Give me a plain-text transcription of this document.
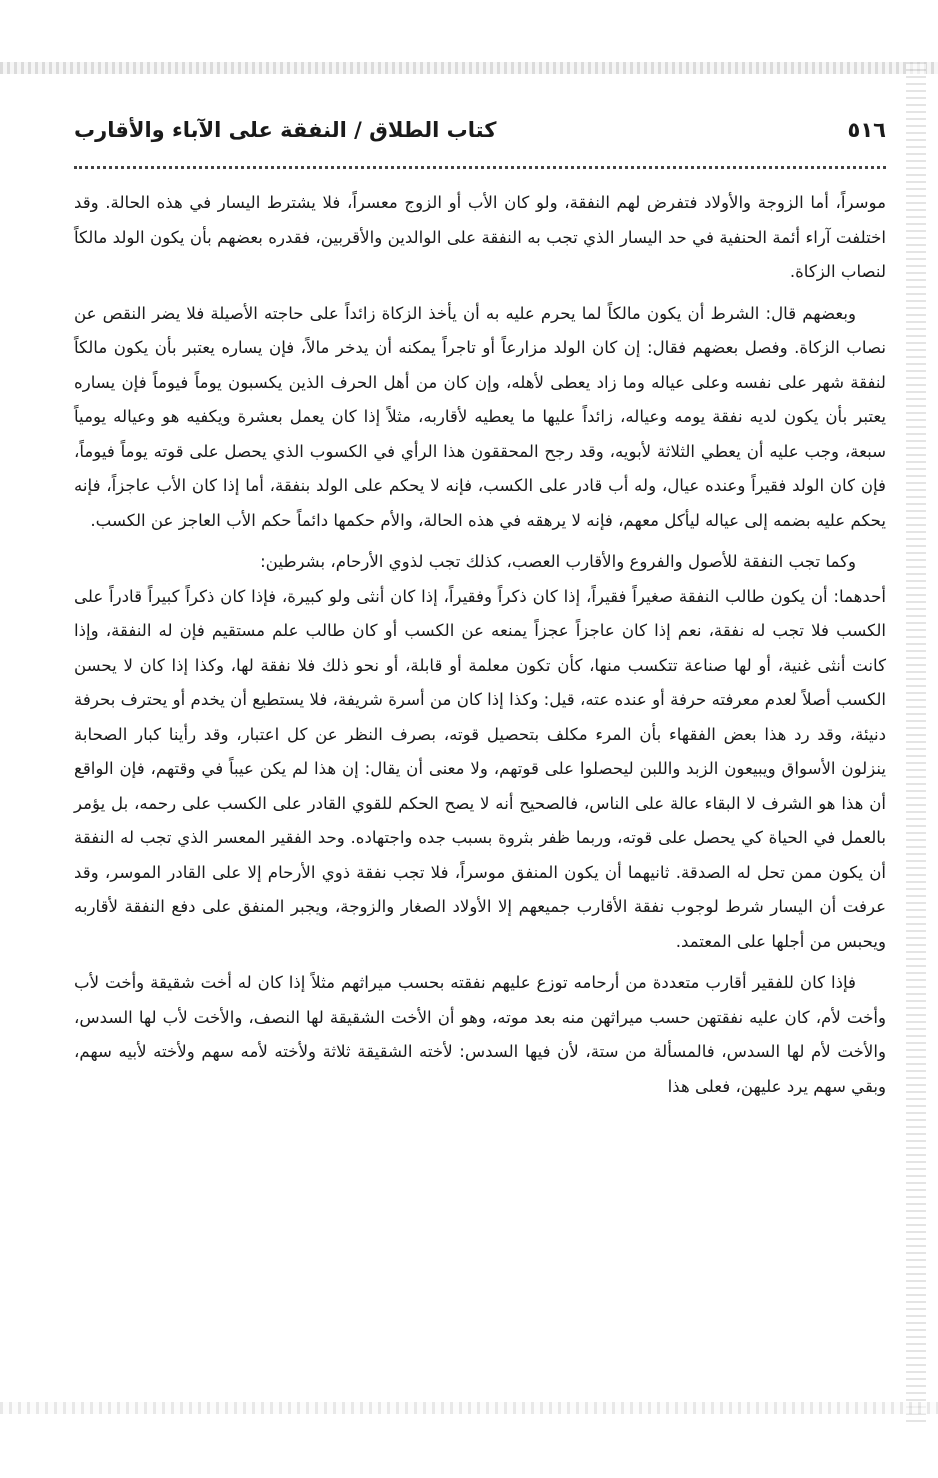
٥١٦
كتاب الطلاق / النفقة على الآباء والأقارب

موسراً، أما الزوجة والأولاد فتفرض لهم النفقة، ولو كان الأب أو الزوج معسراً، فلا يشترط اليسار في هذه الحالة. وقد اختلفت آراء أئمة الحنفية في حد اليسار الذي تجب به النفقة على الوالدين والأقربين، فقدره بعضهم بأن يكون الولد مالكاً لنصاب الزكاة.

وبعضهم قال: الشرط أن يكون مالكاً لما يحرم عليه به أن يأخذ الزكاة زائداً على حاجته الأصيلة فلا يضر النقص عن نصاب الزكاة. وفصل بعضهم فقال: إن كان الولد مزارعاً أو تاجراً يمكنه أن يدخر مالاً، فإن يساره يعتبر بأن يكون مالكاً لنفقة شهر على نفسه وعلى عياله وما زاد يعطى لأهله، وإن كان من أهل الحرف الذين يكسبون يوماً فيوماً فإن يساره يعتبر بأن يكون لديه نفقة يومه وعياله، زائداً عليها ما يعطيه لأقاربه، مثلاً إذا كان يعمل بعشرة ويكفيه هو وعياله يومياً سبعة، وجب عليه أن يعطي الثلاثة لأبويه، وقد رجح المحققون هذا الرأي في الكسوب الذي يحصل على قوته يوماً فيوماً، فإن كان الولد فقيراً وعنده عيال، وله أب قادر على الكسب، فإنه لا يحكم على الولد بنفقة، أما إذا كان الأب عاجزاً، فإنه يحكم عليه بضمه إلى عياله ليأكل معهم، فإنه لا يرهقه في هذه الحالة، والأم حكمها دائماً حكم الأب العاجز عن الكسب.

وكما تجب النفقة للأصول والفروع والأقارب العصب، كذلك تجب لذوي الأرحام، بشرطين:

أحدهما: أن يكون طالب النفقة صغيراً فقيراً، إذا كان ذكراً وفقيراً، إذا كان أنثى ولو كبيرة، فإذا كان ذكراً كبيراً قادراً على الكسب فلا تجب له نفقة، نعم إذا كان عاجزاً عجزاً يمنعه عن الكسب أو كان طالب علم مستقيم فإن له النفقة، وإذا كانت أنثى غنية، أو لها صناعة تتكسب منها، كأن تكون معلمة أو قابلة، أو نحو ذلك فلا نفقة لها، وكذا إذا كان لا يحسن الكسب أصلاً لعدم معرفته حرفة أو عنده عته، قيل: وكذا إذا كان من أسرة شريفة، فلا يستطيع أن يخدم أو يحترف بحرفة دنيئة، وقد رد هذا بعض الفقهاء بأن المرء مكلف بتحصيل قوته، بصرف النظر عن كل اعتبار، وقد رأينا كبار الصحابة ينزلون الأسواق ويبيعون الزبد واللبن ليحصلوا على قوتهم، ولا معنى أن يقال: إن هذا لم يكن عيباً في وقتهم، فإن الواقع أن هذا هو الشرف لا البقاء عالة على الناس، فالصحيح أنه لا يصح الحكم للقوي القادر على الكسب على رحمه، بل يؤمر بالعمل في الحياة كي يحصل على قوته، وربما ظفر بثروة بسبب جده واجتهاده. وحد الفقير المعسر الذي تجب له النفقة أن يكون ممن تحل له الصدقة. ثانيهما أن يكون المنفق موسراً، فلا تجب نفقة ذوي الأرحام إلا على القادر الموسر، وقد عرفت أن اليسار شرط لوجوب نفقة الأقارب جميعهم إلا الأولاد الصغار والزوجة، ويجبر المنفق على دفع النفقة لأقاربه ويحبس من أجلها على المعتمد.

فإذا كان للفقير أقارب متعددة من أرحامه توزع عليهم نفقته بحسب ميراثهم مثلاً إذا كان له أخت شقيقة وأخت لأب وأخت لأم، كان عليه نفقتهن حسب ميراثهن منه بعد موته، وهو أن الأخت الشقيقة لها النصف، والأخت لأب لها السدس، والأخت لأم لها السدس، فالمسألة من ستة، لأن فيها السدس: لأخته الشقيقة ثلاثة ولأخته لأمه سهم ولأخته لأبيه سهم، وبقي سهم يرد عليهن، فعلى هذا
